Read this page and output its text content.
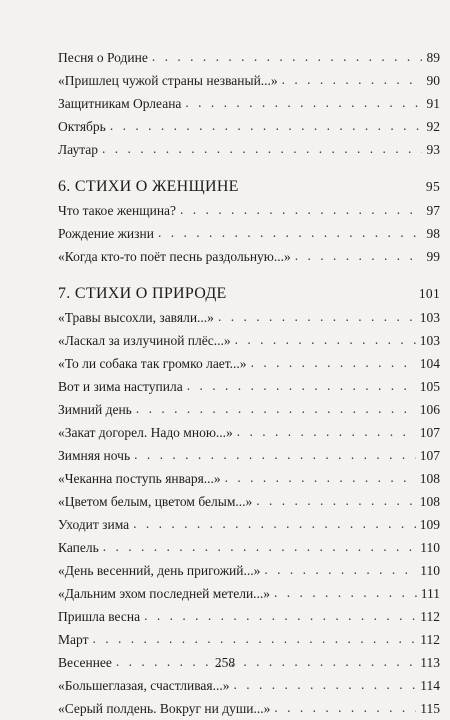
Песня о Родине . . .	89
«Пришлец чужой страны незваный...» . . .	90
Защитникам Орлеана . . .	91
Октябрь . . .	92
Лаутар . . .	93
6. СТИХИ О ЖЕНЩИНЕ	95
Что такое женщина? . . .	97
Рождение жизни . . .	98
«Когда кто-то поёт песнь раздольную...» . . .	99
7. СТИХИ О ПРИРОДЕ	101
«Травы высохли, завяли...» . . .	103
«Ласкал за излучиной плёс...» . . .	103
«То ли собака так громко лает...» . . .	104
Вот и зима наступила . . .	105
Зимний день . . .	106
«Закат догорел. Надо мною...» . . .	107
Зимняя ночь . . .	107
«Чеканна поступь января...» . . .	108
«Цветом белым, цветом белым...» . . .	108
Уходит зима . . .	109
Капель . . .	110
«День весенний, день пригожий...» . . .	110
«Дальним эхом последней метели...» . . .	111
Пришла весна . . .	112
Март . . .	112
Весеннее . . .	113
«Большеглазая, счастливая...» . . .	114
«Серый полдень. Вокруг ни души...» . . .	115
258
